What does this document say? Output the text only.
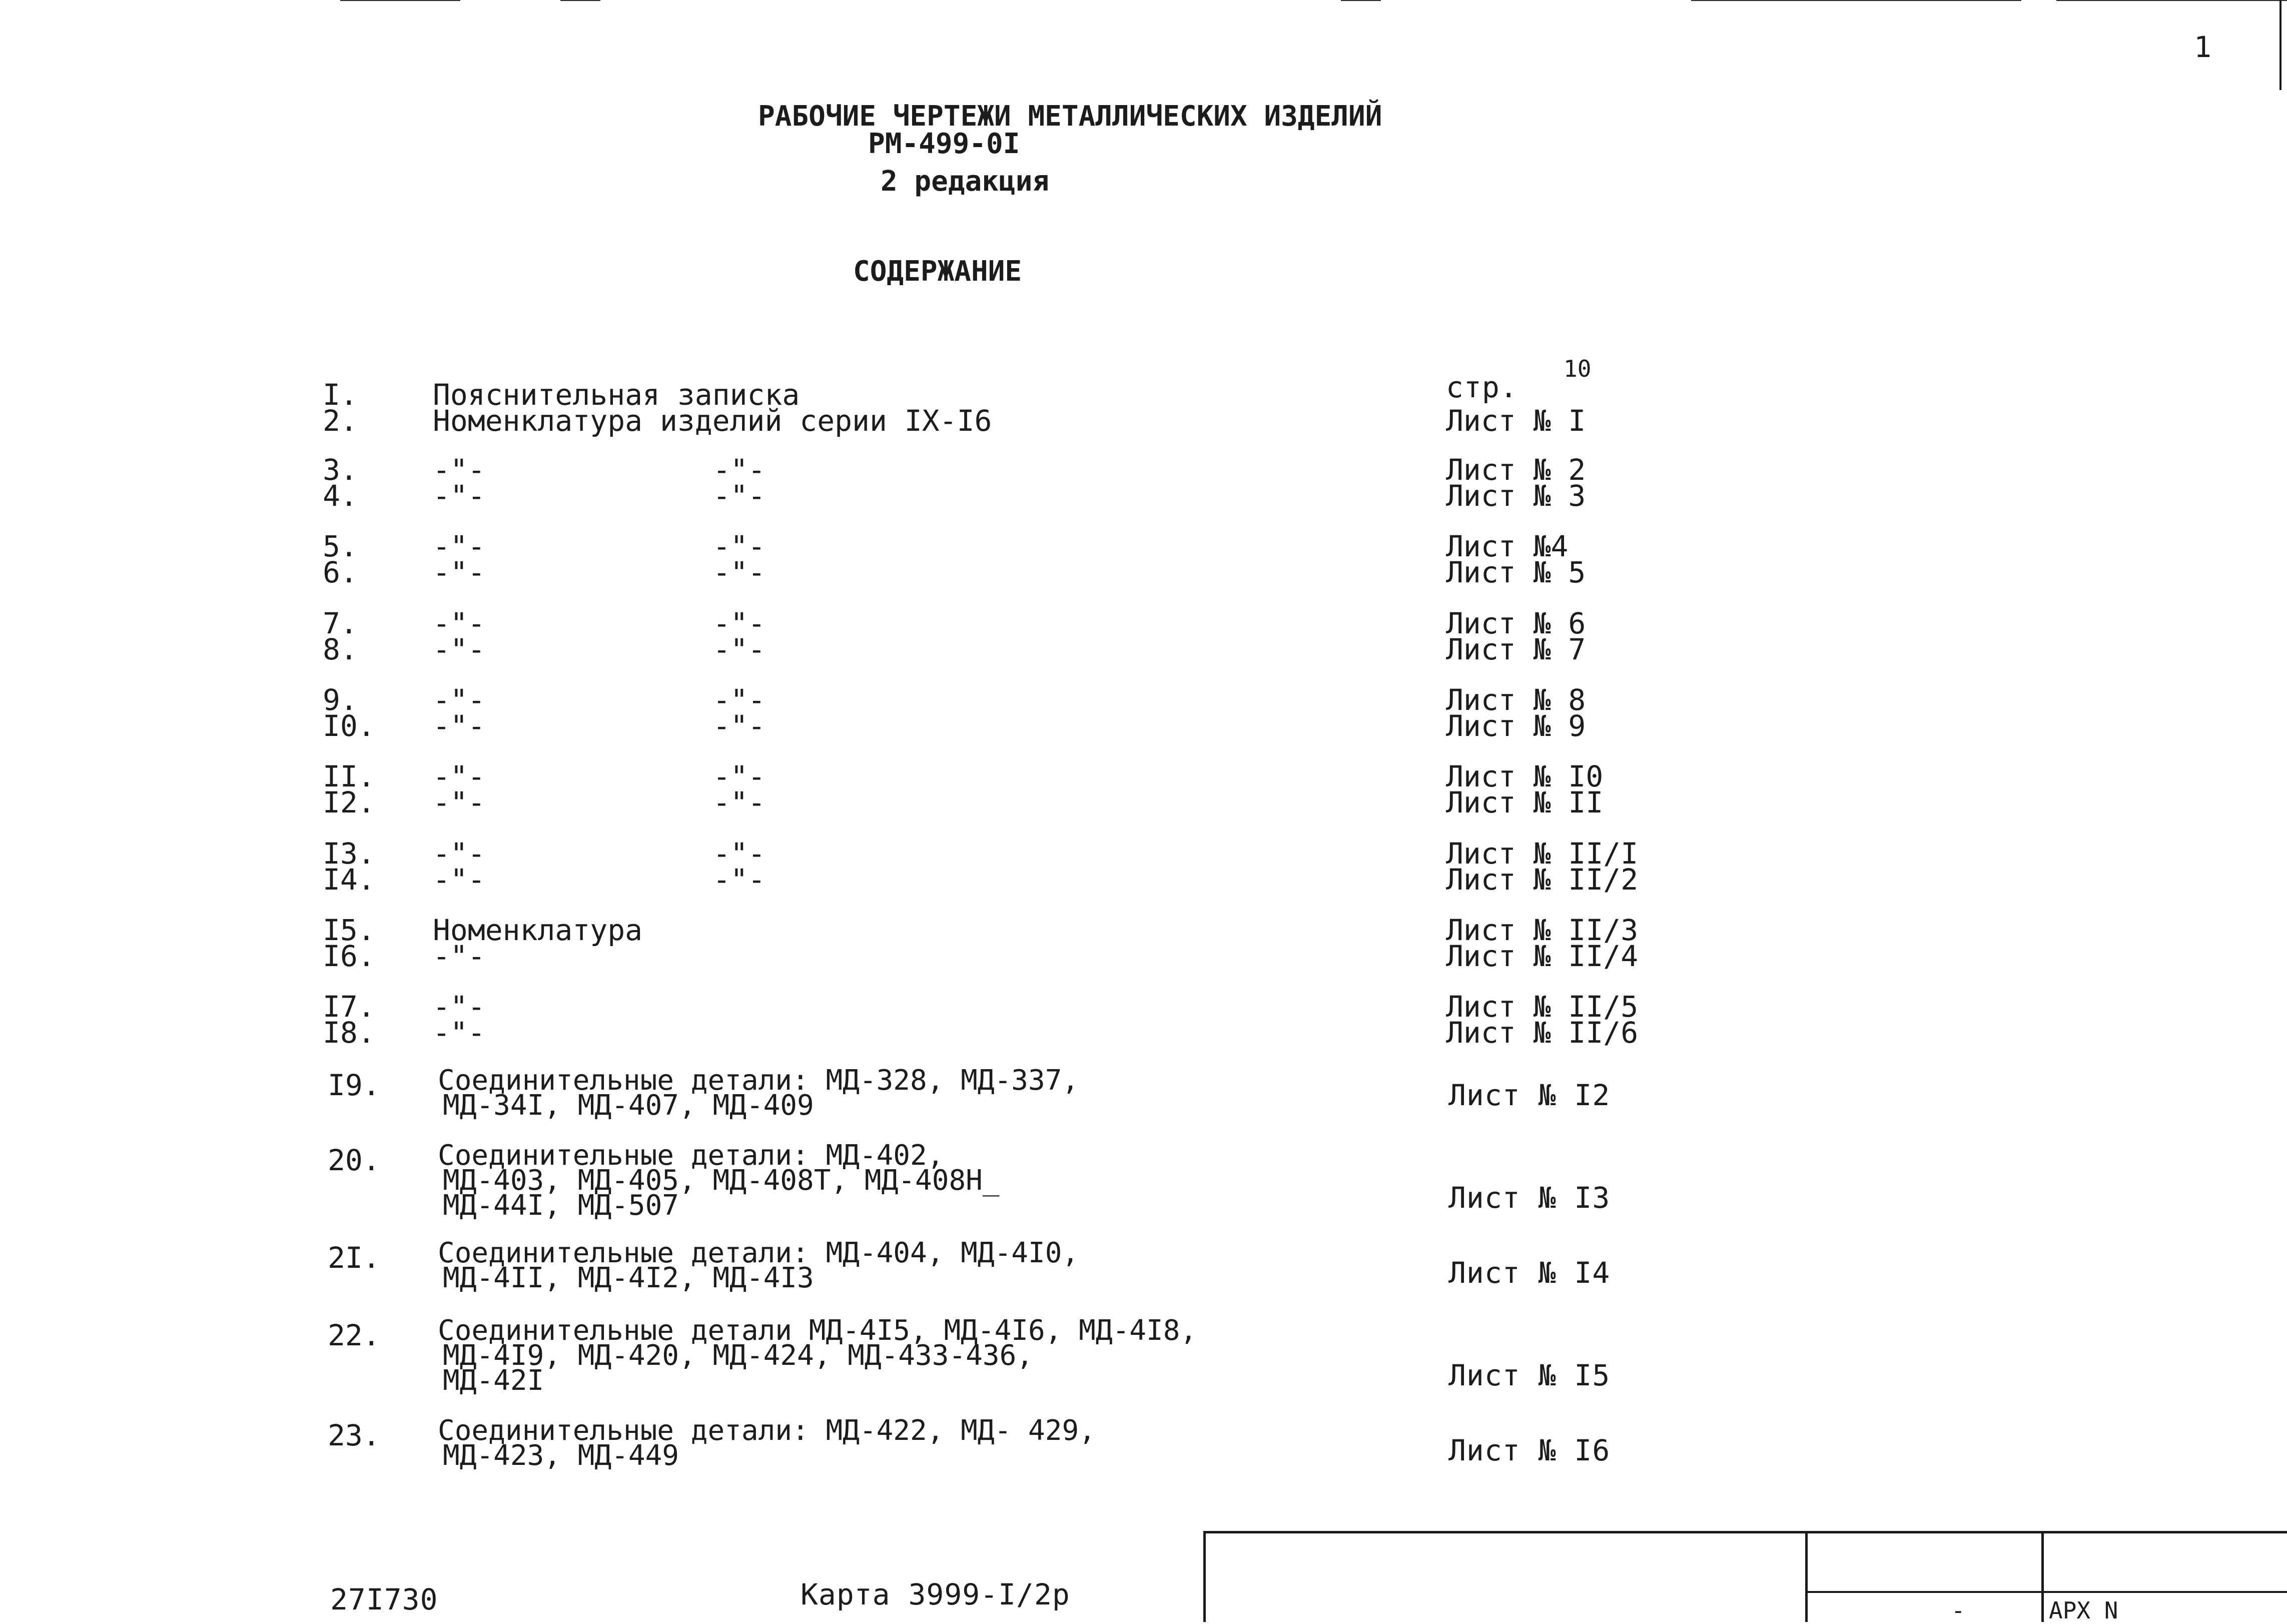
РАБОЧИЕ ЧЕРТЕЖИ МЕТАЛЛИЧЕСКИХ ИЗДЕЛИЙ
РМ-499-0I
2 редакция
СОДЕРЖАНИЕ
1
стр.
10
I.	Пояснительная записка
2.	Номенклатура изделий серии IX-I6	Лист № I
3.	-"-	-"-	Лист № 2
4.	-"-	-"-	Лист № 3
5.	-"-	-"-	Лист №4
6.	-"-	-"-	Лист № 5
7.	-"-	-"-	Лист № 6
8.	-"-	-"-	Лист № 7
9.	-"-	-"-	Лист № 8
I0. -"-	-"-	Лист № 9
II. -"-	-"-	Лист № I0
I2. -"-	-"-	Лист № II
I3. -"-	-"-	Лист № II/I
I4. -"-	-"-	Лист № II/2
I5. Номенклатура	Лист № II/3
I6. -"-	Лист № II/4
I7. -"-	Лист № II/5
I8. -"-	Лист № II/6
I9. Соединительные детали: МД-328, МД-337,
МД-34I, МД-407, МД-409	Лист № I2
20. Соединительные детали: МД-402,
МД-403, МД-405, МД-408Т, МД-408Н_
МД-44I, МД-507	Лист № I3
2I. Соединительные детали: МД-404, МД-4I0,
МД-4II, МД-4I2, МД-4I3	Лист № I4
22. Соединительные детали МД-4I5, МД-4I6, МД-4I8,
МД-4I9, МД-420, МД-424, МД-433-436,
МД-42I	Лист № I5
23. Соединительные детали: МД-422, МД- 429,
МД-423, МД-449	Лист № I6
-	АРХ N
27I730	Карта 3999-I/2р
